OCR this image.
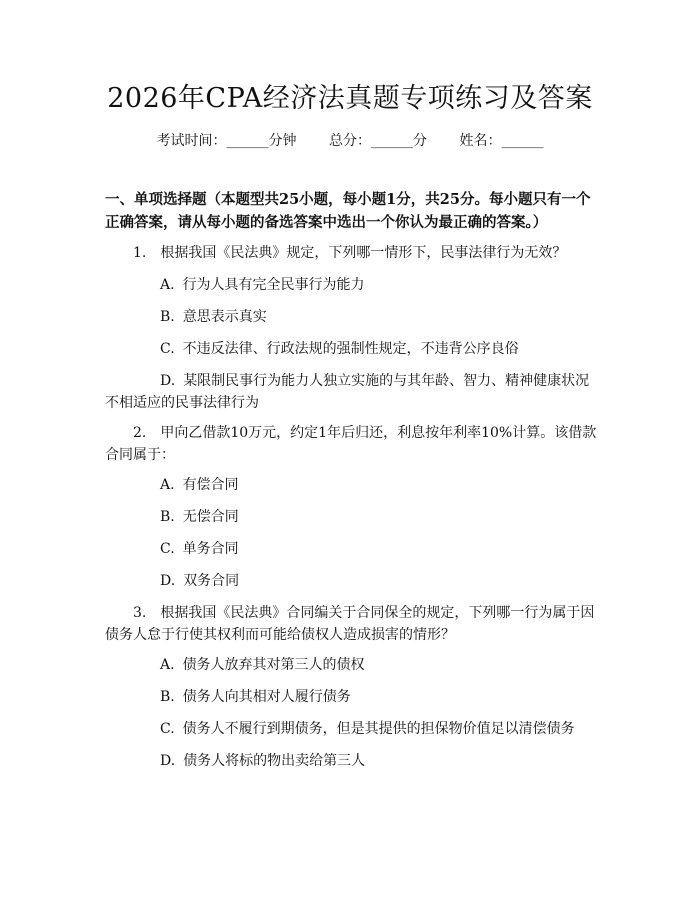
2026年CPA经济法真题专项练习及答案
考试时间：______分钟 总分：______分 姓名：______
一、单项选择题（本题型共25小题，每小题1分，共25分。每小题只有一个正确答案，请从每小题的备选答案中选出一个你认为最正确的答案。）
1. 根据我国《民法典》规定，下列哪一情形下，民事法律行为无效？
A. 行为人具有完全民事行为能力
B. 意思表示真实
C. 不违反法律、行政法规的强制性规定，不违背公序良俗
D. 某限制民事行为能力人独立实施的与其年龄、智力、精神健康状况不相适应的民事法律行为
2. 甲向乙借款10万元，约定1年后归还，利息按年利率10%计算。该借款合同属于：
A. 有偿合同
B. 无偿合同
C. 单务合同
D. 双务合同
3. 根据我国《民法典》合同编关于合同保全的规定，下列哪一行为属于因债务人怠于行使其权利而可能给债权人造成损害的情形？
A. 债务人放弃其对第三人的债权
B. 债务人向其相对人履行债务
C. 债务人不履行到期债务，但是其提供的担保物价值足以清偿债务
D. 债务人将标的物出卖给第三人
